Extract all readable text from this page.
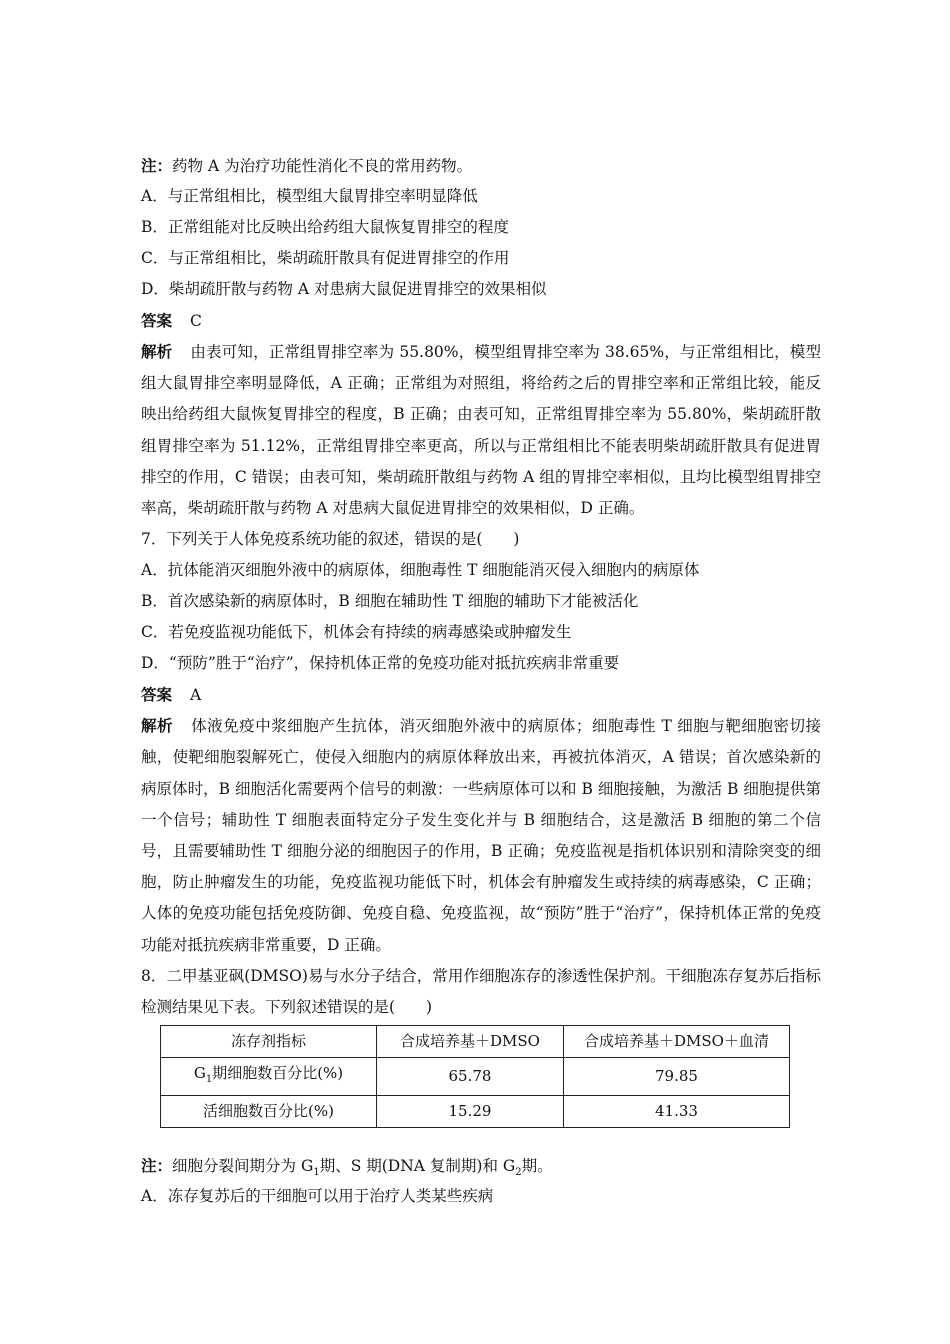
注：药物 A 为治疗功能性消化不良的常用药物。
A．与正常组相比，模型组大鼠胃排空率明显降低
B．正常组能对比反映出给药组大鼠恢复胃排空的程度
C．与正常组相比，柴胡疏肝散具有促进胃排空的作用
D．柴胡疏肝散与药物 A 对患病大鼠促进胃排空的效果相似
答案 C
解析 由表可知，正常组胃排空率为 55.80%，模型组胃排空率为 38.65%，与正常组相比，模型组大鼠胃排空率明显降低，A 正确；正常组为对照组，将给药之后的胃排空率和正常组比较，能反映出给药组大鼠恢复胃排空的程度，B 正确；由表可知，正常组胃排空率为 55.80%，柴胡疏肝散组胃排空率为 51.12%，正常组胃排空率更高，所以与正常组相比不能表明柴胡疏肝散具有促进胃排空的作用，C 错误；由表可知，柴胡疏肝散组与药物 A 组的胃排空率相似，且均比模型组胃排空率高，柴胡疏肝散与药物 A 对患病大鼠促进胃排空的效果相似，D 正确。
7．下列关于人体免疫系统功能的叙述，错误的是(　　)
A．抗体能消灭细胞外液中的病原体，细胞毒性 T 细胞能消灭侵入细胞内的病原体
B．首次感染新的病原体时，B 细胞在辅助性 T 细胞的辅助下才能被活化
C．若免疫监视功能低下，机体会有持续的病毒感染或肿瘤发生
D．“预防”胜于“治疗”，保持机体正常的免疫功能对抵抗疾病非常重要
答案 A
解析 体液免疫中浆细胞产生抗体，消灭细胞外液中的病原体；细胞毒性 T 细胞与靶细胞密切接触，使靶细胞裂解死亡，使侵入细胞内的病原体释放出来，再被抗体消灭，A 错误；首次感染新的病原体时，B 细胞活化需要两个信号的刺激：一些病原体可以和 B 细胞接触，为激活 B 细胞提供第一个信号；辅助性 T 细胞表面特定分子发生变化并与 B 细胞结合，这是激活 B 细胞的第二个信号，且需要辅助性 T 细胞分泌的细胞因子的作用，B 正确；免疫监视是指机体识别和清除突变的细胞，防止肿瘤发生的功能，免疫监视功能低下时，机体会有肿瘤发生或持续的病毒感染，C 正确；人体的免疫功能包括免疫防御、免疫自稳、免疫监视，故“预防”胜于“治疗”，保持机体正常的免疫功能对抵抗疾病非常重要，D 正确。
8．二甲基亚砜(DMSO)易与水分子结合，常用作细胞冻存的渗透性保护剂。干细胞冻存复苏后指标检测结果见下表。下列叙述错误的是(　　)
冻存剂指标	合成培养基＋DMSO	合成培养基＋DMSO＋血清
$G_1$期细胞数百分比(%)	65.78	79.85
活细胞数百分比(%)	15.29	41.33
注：细胞分裂间期分为 $G_1$期、S 期(DNA 复制期)和 $G_2$期。
A．冻存复苏后的干细胞可以用于治疗人类某些疾病
